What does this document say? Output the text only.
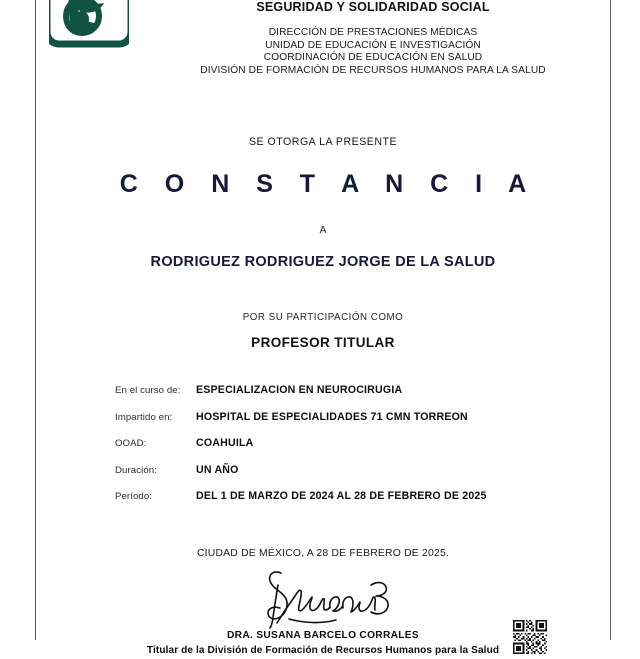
SEGURIDAD Y SOLIDARIDAD SOCIAL
DIRECCIÓN DE PRESTACIONES MÉDICAS
UNIDAD DE EDUCACIÓN E INVESTIGACIÓN
COORDINACIÓN DE EDUCACIÓN EN SALUD
DIVISIÓN DE FORMACIÓN DE RECURSOS HUMANOS PARA LA SALUD
SE OTORGA LA PRESENTE
C O N S T A N C I A
A
RODRIGUEZ RODRIGUEZ JORGE DE LA SALUD
POR SU PARTICIPACIÓN COMO
PROFESOR TITULAR
En el curso de:	ESPECIALIZACION EN NEUROCIRUGIA
Impartido en:	HOSPITAL DE ESPECIALIDADES 71 CMN TORREON
OOAD:	COAHUILA
Duración:	UN AÑO
Período:	DEL 1 DE MARZO DE 2024 AL 28 DE FEBRERO DE 2025
CIUDAD DE MÉXICO, A 28 DE FEBRERO DE 2025.
DRA. SUSANA BARCELO CORRALES
Titular de la División de Formación de Recursos Humanos para la Salud
